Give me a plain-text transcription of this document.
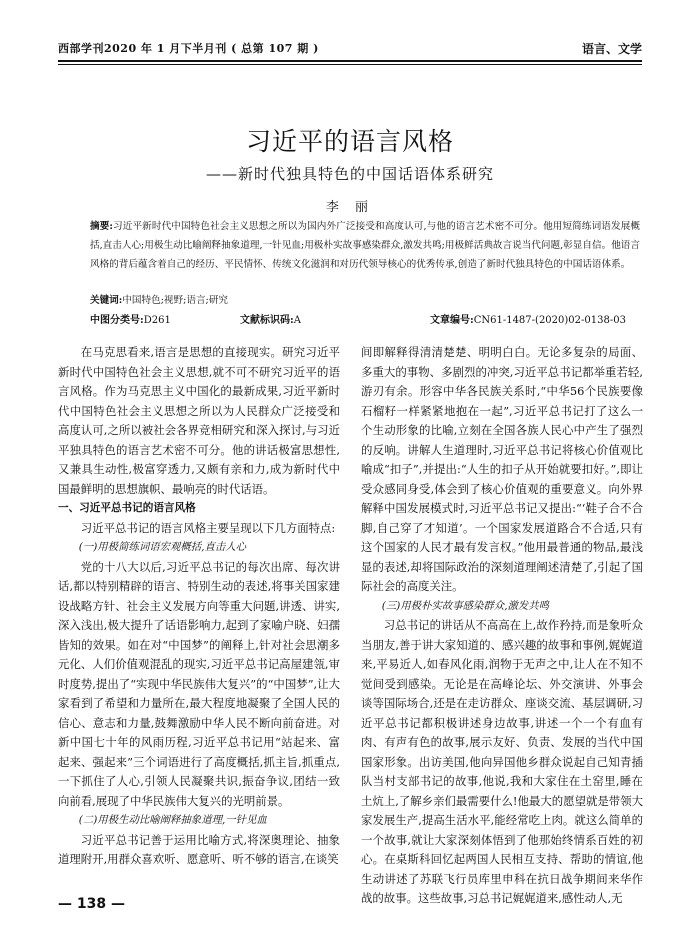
西部学刊2020 年 1 月下半月刊 ( 总第 107 期 )	语言、文学
习近平的语言风格
——新时代独具特色的中国话语体系研究
李 丽
摘要:习近平新时代中国特色社会主义思想之所以为国内外广泛接受和高度认可,与他的语言艺术密不可分。他用短简练词语发展概括,直击人心;用极生动比喻阐释抽象道理,一针见血;用极朴实故事感染群众,激发共鸣;用极鲜活典故言说当代问题,彰显自信。他语言风格的背后蕴含着自己的经历、平民情怀、传统文化滋润和对历代领导核心的优秀传承,创造了新时代独具特色的中国话语体系。
关键词:中国特色;视野;语言;研究
中图分类号:D261	文献标识码:A	文章编号:CN61-1487-(2020)02-0138-03

在马克思看来,语言是思想的直接现实。研究习近平新时代中国特色社会主义思想,就不可不研究习近平的语言风格。作为马克思主义中国化的最新成果,习近平新时代中国特色社会主义思想之所以为人民群众广泛接受和高度认可,之所以被社会各界竞相研究和深入探讨,与习近平独具特色的语言艺术密不可分。他的讲话极富思想性,又兼具生动性,极富穿透力,又颇有亲和力,成为新时代中国最鲜明的思想旗帜、最响亮的时代话语。

一、习近平总书记的语言风格

习近平总书记的语言风格主要呈现以下几方面特点:

(一)用极简练词语宏观概括,直击人心

党的十八大以后,习近平总书记的每次出席、每次讲话,都以特别精辟的语言、特别生动的表述,将事关国家建设战略方针、社会主义发展方向等重大问题,讲透、讲实,深入浅出,极大提升了话语影响力,起到了家喻户晓、妇孺皆知的效果。如在对“中国梦”的阐释上,针对社会思潮多元化、人们价值观混乱的现实,习近平总书记高屋建瓴,审时度势,提出了“实现中华民族伟大复兴”的“中国梦”,让大家看到了希望和力量所在,最大程度地凝聚了全国人民的信心、意志和力量,鼓舞激励中华人民不断向前奋进。对新中国七十年的风雨历程,习近平总书记用“站起来、富起来、强起来”三个词语进行了高度概括,抓主旨,抓重点,一下抓住了人心,引领人民凝聚共识,振奋争议,团结一致向前看,展现了中华民族伟大复兴的光明前景。

(二)用极生动比喻阐释抽象道理,一针见血

习近平总书记善于运用比喻方式,将深奥理论、抽象道理附开,用群众喜欢听、愿意听、听不够的语言,在谈笑

间即解释得清清楚楚、明明白白。无论多复杂的局面、多重大的事物、多剧烈的冲突,习近平总书记都举重若轻,游刃有余。形容中华各民族关系时,“中华56个民族要像石榴籽一样紧紧地抱在一起”,习近平总书记打了这么一个生动形象的比喻,立刻在全国各族人民心中产生了强烈的反响。讲解人生道理时,习近平总书记将核心价值观比喻成“扣子”,并提出:“人生的扣子从开始就要扣好。”,即让受众感同身受,体会到了核心价值观的重要意义。向外界解释中国发展模式时,习近平总书记又提出:“‘鞋子合不合脚,自己穿了才知道’。一个国家发展道路合不合适,只有这个国家的人民才最有发言权。”他用最普通的物品,最浅显的表述,却将国际政治的深刻道理阐述清楚了,引起了国际社会的高度关注。

(三)用极朴实故事感染群众,激发共鸣

习总书记的讲话从不高高在上,故作矜持,而是象听众当朋友,善于讲大家知道的、感兴趣的故事和事例,娓娓道来,平易近人,如春风化雨,润物于无声之中,让人在不知不觉间受到感染。无论是在高峰论坛、外交演讲、外事会谈等国际场合,还是在走访群众、座谈交流、基层调研,习近平总书记都积极讲述身边故事,讲述一个一个有血有肉、有声有色的故事,展示友好、负责、发展的当代中国国家形象。出访美国,他向异国他乡群众说起自己知青插队当村支部书记的故事,他说,我和大家住在土窑里,睡在土炕上,了解乡亲们最需要什么!他最大的愿望就是带领大家发展生产,提高生活水平,能经常吃上肉。就这么简单的一个故事,就让大家深刻体悟到了他那始终情系百姓的初心。在桌斯科回忆起两国人民相互支持、帮助的情谊,他生动讲述了苏联飞行员库里申科在抗日战争期间来华作战的故事。这些故事,习总书记娓娓道来,感性动人,无

— 138 —
